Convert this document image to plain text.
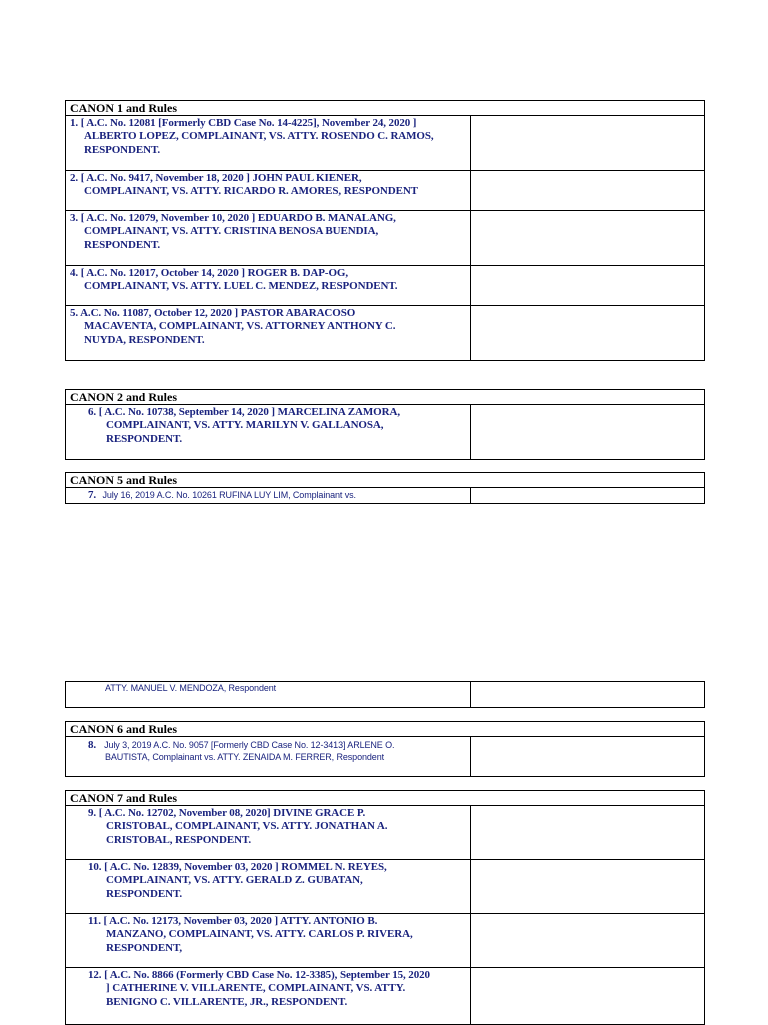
CANON 1 and Rules
1. [ A.C. No. 12081 [Formerly CBD Case No. 14-4225], November 24, 2020 ]
ALBERTO LOPEZ, COMPLAINANT, VS. ATTY. ROSENDO C. RAMOS,
RESPONDENT.
2. [ A.C. No. 9417, November 18, 2020 ] JOHN PAUL KIENER,
COMPLAINANT, VS. ATTY. RICARDO R. AMORES, RESPONDENT
3. [ A.C. No. 12079, November 10, 2020 ] EDUARDO B. MANALANG,
COMPLAINANT, VS. ATTY. CRISTINA BENOSA BUENDIA,
RESPONDENT.
4. [ A.C. No. 12017, October 14, 2020 ] ROGER B. DAP-OG,
COMPLAINANT, VS. ATTY. LUEL C. MENDEZ, RESPONDENT.
5. A.C. No. 11087, October 12, 2020 ] PASTOR ABARACOSO
MACAVENTA, COMPLAINANT, VS. ATTORNEY ANTHONY C.
NUYDA, RESPONDENT.
CANON 2 and Rules
6. [ A.C. No. 10738, September 14, 2020 ] MARCELINA ZAMORA,
COMPLAINANT, VS. ATTY. MARILYN V. GALLANOSA,
RESPONDENT.
CANON 5 and Rules
7. July 16, 2019 A.C. No. 10261 RUFINA LUY LIM, Complainant vs.
ATTY. MANUEL V. MENDOZA, Respondent
CANON 6 and Rules
8. July 3, 2019 A.C. No. 9057 [Formerly CBD Case No. 12-3413] ARLENE O.
BAUTISTA, Complainant vs. ATTY. ZENAIDA M. FERRER, Respondent
CANON 7 and Rules
9. [ A.C. No. 12702, November 08, 2020] DIVINE GRACE P.
CRISTOBAL, COMPLAINANT, VS. ATTY. JONATHAN A.
CRISTOBAL, RESPONDENT.
10. [ A.C. No. 12839, November 03, 2020 ] ROMMEL N. REYES,
COMPLAINANT, VS. ATTY. GERALD Z. GUBATAN,
RESPONDENT.
11. [ A.C. No. 12173, November 03, 2020 ] ATTY. ANTONIO B.
MANZANO, COMPLAINANT, VS. ATTY. CARLOS P. RIVERA,
RESPONDENT,
12. [ A.C. No. 8866 (Formerly CBD Case No. 12-3385), September 15, 2020
] CATHERINE V. VILLARENTE, COMPLAINANT, VS. ATTY.
BENIGNO C. VILLARENTE, JR., RESPONDENT.
